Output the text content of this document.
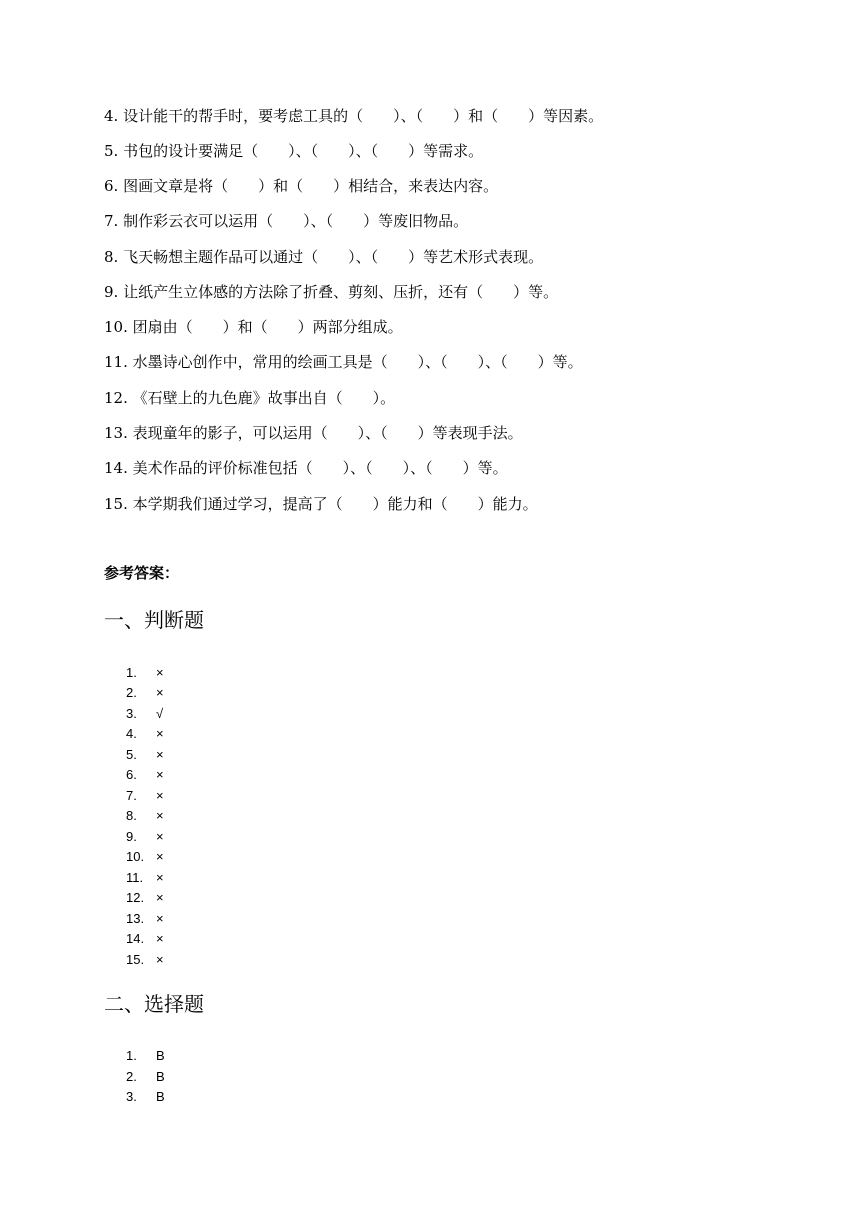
4. 设计能干的帮手时，要考虑工具的（　　）、（　　）和（　　）等因素。
5. 书包的设计要满足（　　）、（　　）、（　　）等需求。
6. 图画文章是将（　　）和（　　）相结合，来表达内容。
7. 制作彩云衣可以运用（　　）、（　　）等废旧物品。
8. 飞天畅想主题作品可以通过（　　）、（　　）等艺术形式表现。
9. 让纸产生立体感的方法除了折叠、剪刻、压折，还有（　　）等。
10. 团扇由（　　）和（　　）两部分组成。
11. 水墨诗心创作中，常用的绘画工具是（　　）、（　　）、（　　）等。
12. 《石壁上的九色鹿》故事出自（　　）。
13. 表现童年的影子，可以运用（　　）、（　　）等表现手法。
14. 美术作品的评价标准包括（　　）、（　　）、（　　）等。
15. 本学期我们通过学习，提高了（　　）能力和（　　）能力。
参考答案：
一、判断题
1. ×
2. ×
3. √
4. ×
5. ×
6. ×
7. ×
8. ×
9. ×
10. ×
11. ×
12. ×
13. ×
14. ×
15. ×
二、选择题
1. B
2. B
3. B
